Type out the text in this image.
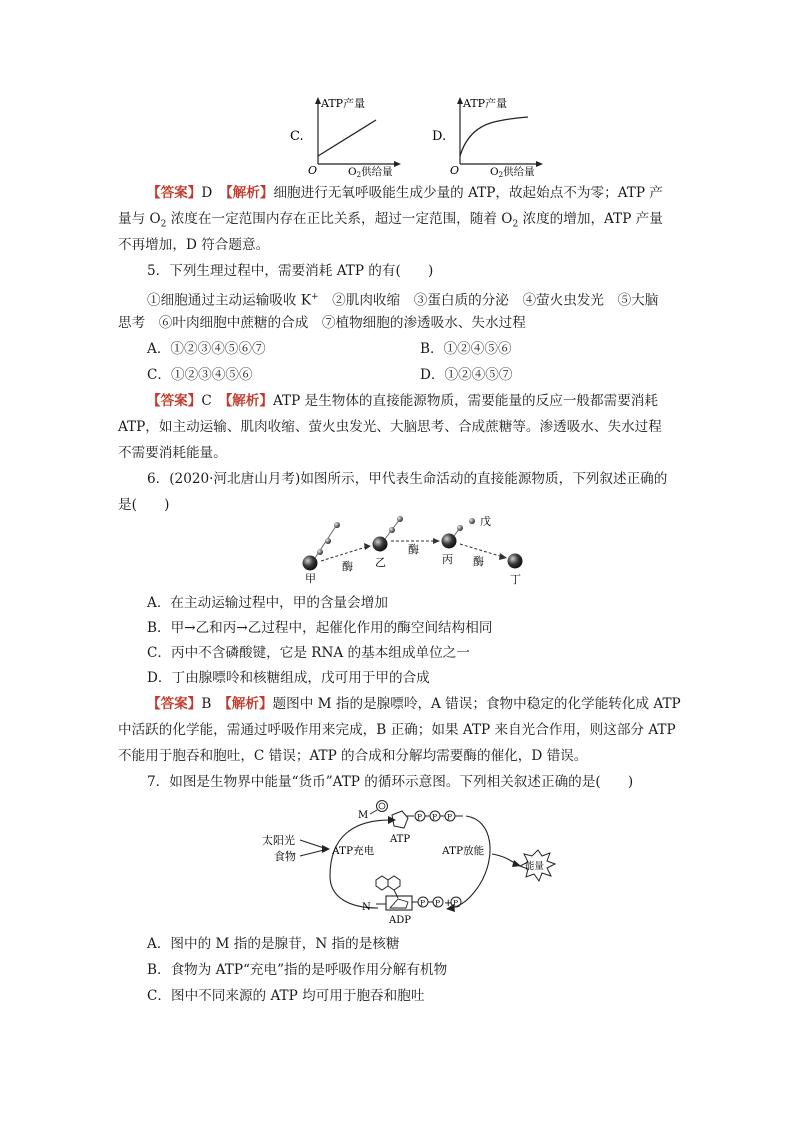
C.
ATP产量
O	O2供给量
D.
ATP产量
O	O2供给量
【答案】D　 【解析】细胞进行无氧呼吸能生成少量的 ATP，故起始点不为零；ATP 产
量与 $O_2$ 浓度在一定范围内存在正比关系，超过一定范围，随着 $O_2$ 浓度的增加，ATP 产量
不再增加，D 符合题意。
5．下列生理过程中，需要消耗 ATP 的有(　　)
①细胞通过主动运输吸收 K+　②肌肉收缩　③蛋白质的分泌　④萤火虫发光　⑤大脑
思考　⑥叶肉细胞中蔗糖的合成　⑦植物细胞的渗透吸水、失水过程
A．①②③④⑤⑥⑦	B．①②④⑤⑥
C．①②③④⑤⑥	D．①②④⑤⑦
【答案】C　 【解析】ATP 是生物体的直接能源物质，需要能量的反应一般都需要消耗
ATP，如主动运输、肌肉收缩、萤火虫发光、大脑思考、合成蔗糖等。渗透吸水、失水过程
不需要消耗能量。
6．(2020·河北唐山月考)如图所示，甲代表生命活动的直接能源物质，下列叙述正确的
是(　　)
甲
酶 乙
酶
丙
戊
酶
丁
A．在主动运输过程中，甲的含量会增加
B．甲→乙和丙→乙过程中，起催化作用的酶空间结构相同
C．丙中不含磷酸键，它是 RNA 的基本组成单位之一
D．丁由腺嘌呤和核糖组成，戊可用于甲的合成
【答案】B　 【解析】题图中 M 指的是腺嘌呤，A 错误；食物中稳定的化学能转化成 ATP
中活跃的化学能，需通过呼吸作用来完成，B 正确；如果 ATP 来自光合作用，则这部分 ATP
不能用于胞吞和胞吐，C 错误；ATP 的合成和分解均需要酶的催化，D 错误。
7．如图是生物界中能量“货币”ATP 的循环示意图。下列相关叙述正确的是(　　)
M	P P P
ATP
太阳光
食物	ATP充电	ATP放能
能量
N	P P + P
ADP
A．图中的 M 指的是腺苷，N 指的是核糖
B．食物为 ATP“充电”指的是呼吸作用分解有机物
C．图中不同来源的 ATP 均可用于胞吞和胞吐
